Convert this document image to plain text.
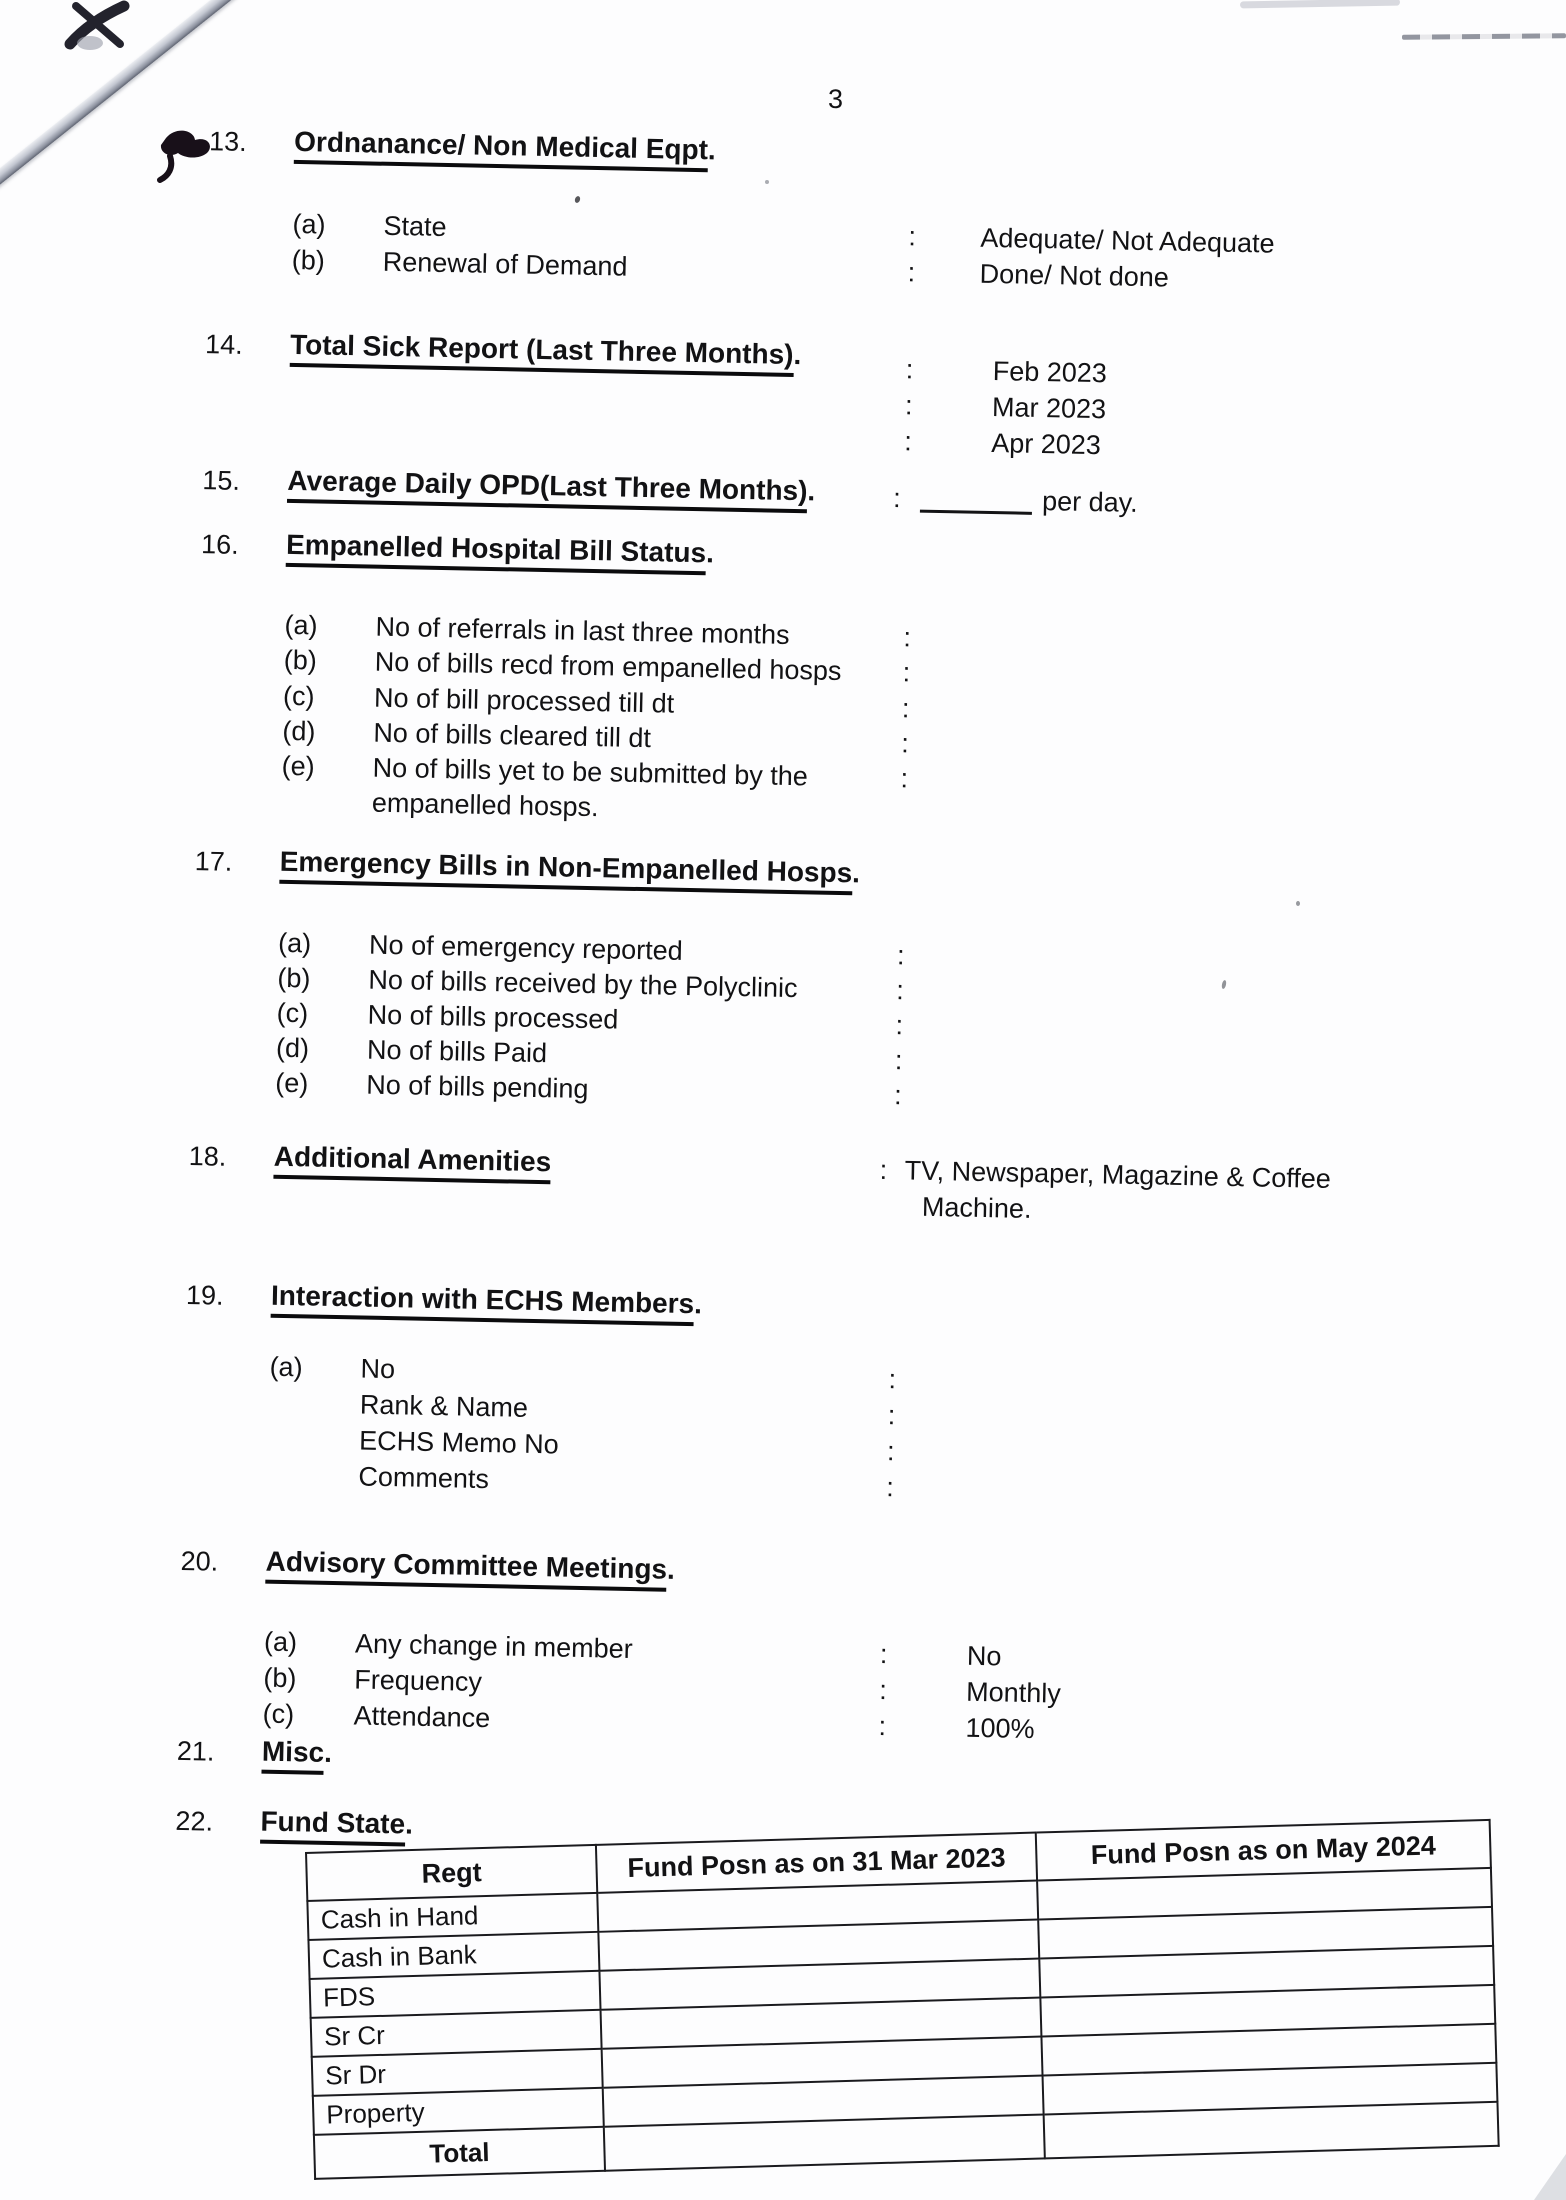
3
13. Ordnanance/ Non Medical Eqpt.
(a) State	: Adequate/ Not Adequate
(b) Renewal of Demand	: Done/ Not done
14. Total Sick Report (Last Three Months).	:	Feb 2023
:	Mar 2023
:	Apr 2023
15. Average Daily OPD(Last Three Months).	:	per day.
16. Empanelled Hospital Bill Status.
(a) No of referrals in last three months	:
(b) No of bills recd from empanelled hosps :
(c) No of bill processed till dt	:
(d) No of bills cleared till dt	:
(e) No of bills yet to be submitted by the	:
empanelled hosps.
17. Emergency Bills in Non-Empanelled Hosps.
(a) No of emergency reported	:
(b) No of bills received by the Polyclinic	:
(c) No of bills processed	:
(d) No of bills Paid	:
(e) No of bills pending	:
18. Additional Amenities	: TV, Newspaper, Magazine & Coffee
Machine.
19. Interaction with ECHS Members.
(a) No	:
Rank & Name	:
ECHS Memo No	:
Comments	:
20. Advisory Committee Meetings.
(a) Any change in member	:	No
(b) Frequency	:	Monthly
(c) Attendance	:	100%
21. Misc.
22. Fund State.
Regt	Fund Posn as on 31 Mar 2023	Fund Posn as on May 2024
Cash in Hand		
Cash in Bank		
FDS		
Sr Cr		
Sr Dr		
Property		
Total		
